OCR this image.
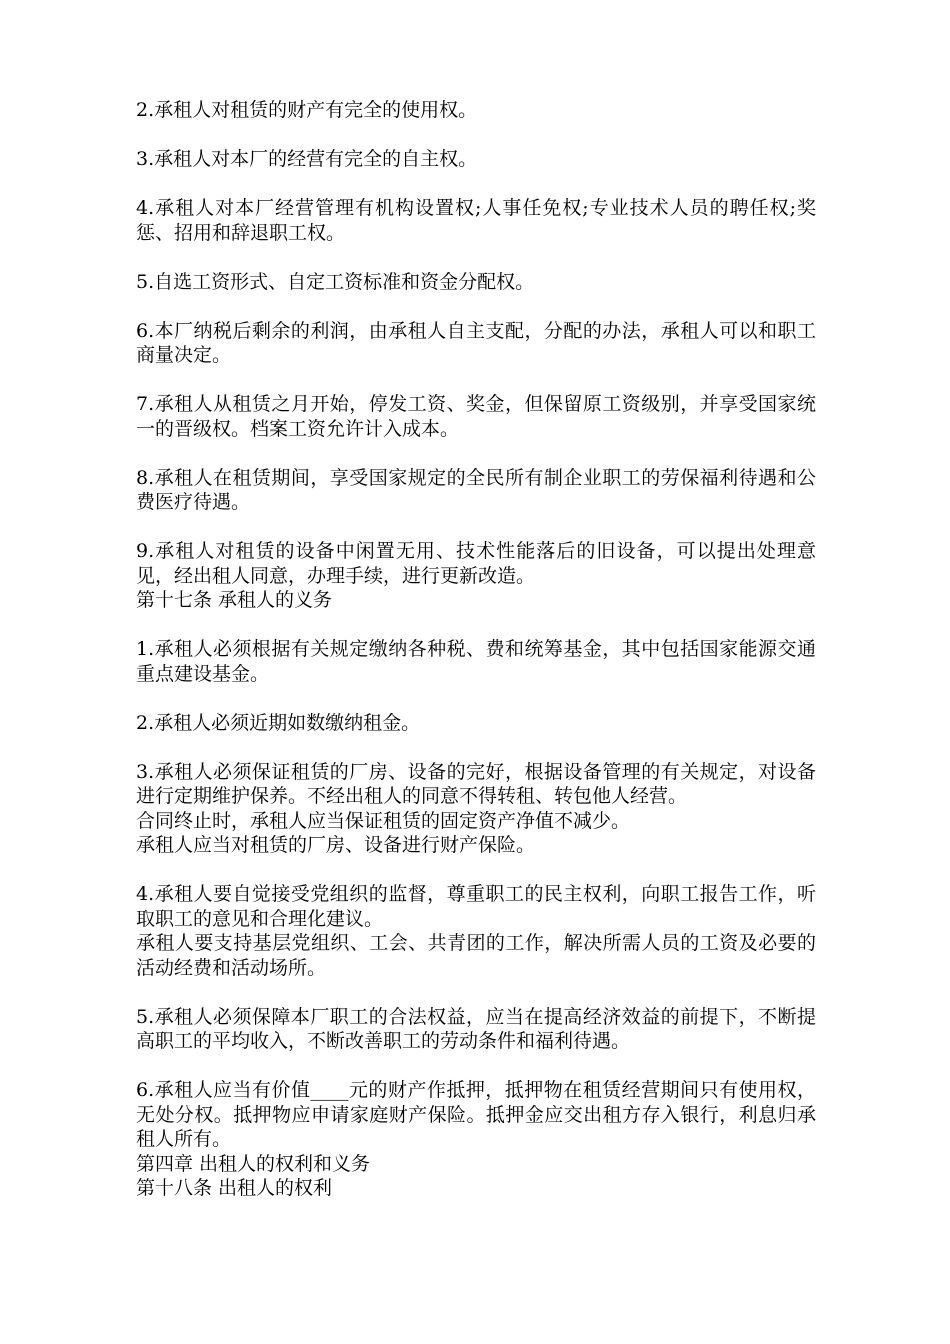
2.承租人对租赁的财产有完全的使用权。

3.承租人对本厂的经营有完全的自主权。

4.承租人对本厂经营管理有机构设置权;人事任免权;专业技术人员的聘任权;奖惩、招用和辞退职工权。

5.自选工资形式、自定工资标准和资金分配权。

6.本厂纳税后剩余的利润，由承租人自主支配，分配的办法，承租人可以和职工商量决定。

7.承租人从租赁之月开始，停发工资、奖金，但保留原工资级别，并享受国家统一的晋级权。档案工资允许计入成本。

8.承租人在租赁期间，享受国家规定的全民所有制企业职工的劳保福利待遇和公费医疗待遇。

9.承租人对租赁的设备中闲置无用、技术性能落后的旧设备，可以提出处理意见，经出租人同意，办理手续，进行更新改造。

第十七条 承租人的义务

1.承租人必须根据有关规定缴纳各种税、费和统筹基金，其中包括国家能源交通重点建设基金。

2.承租人必须近期如数缴纳租金。

3.承租人必须保证租赁的厂房、设备的完好，根据设备管理的有关规定，对设备进行定期维护保养。不经出租人的同意不得转租、转包他人经营。

合同终止时，承租人应当保证租赁的固定资产净值不减少。

承租人应当对租赁的厂房、设备进行财产保险。

4.承租人要自觉接受党组织的监督，尊重职工的民主权利，向职工报告工作，听取职工的意见和合理化建议。

承租人要支持基层党组织、工会、共青团的工作，解决所需人员的工资及必要的活动经费和活动场所。

5.承租人必须保障本厂职工的合法权益，应当在提高经济效益的前提下，不断提高职工的平均收入，不断改善职工的劳动条件和福利待遇。

6.承租人应当有价值____元的财产作抵押，抵押物在租赁经营期间只有使用权，无处分权。抵押物应申请家庭财产保险。抵押金应交出租方存入银行，利息归承租人所有。

第四章 出租人的权利和义务

第十八条 出租人的权利
